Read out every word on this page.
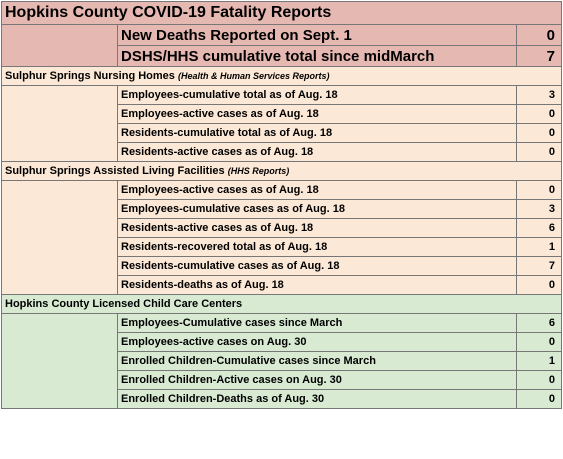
Hopkins County COVID-19 Fatality Reports		
	New Deaths Reported on Sept. 1	0
	DSHS/HHS cumulative total since midMarch	7
Sulphur Springs Nursing Homes (Health & Human Services Reports)		
	Employees-cumulative total as of Aug. 18	3
	Employees-active cases as of Aug. 18	0
	Residents-cumulative total as of Aug. 18	0
	Residents-active cases as of Aug. 18	0
Sulphur Springs Assisted Living Facilities (HHS Reports)		
	Employees-active cases as of Aug. 18	0
	Employees-cumulative cases as of Aug. 18	3
	Residents-active cases as of Aug. 18	6
	Residents-recovered total as of Aug. 18	1
	Residents-cumulative cases as of Aug. 18	7
	Residents-deaths as of Aug. 18	0
Hopkins County Licensed Child Care Centers		
	Employees-Cumulative cases since March	6
	Employees-active cases on Aug. 30	0
	Enrolled Children-Cumulative cases since March	1
	Enrolled Children-Active cases on Aug. 30	0
	Enrolled Children-Deaths as of Aug. 30	0
